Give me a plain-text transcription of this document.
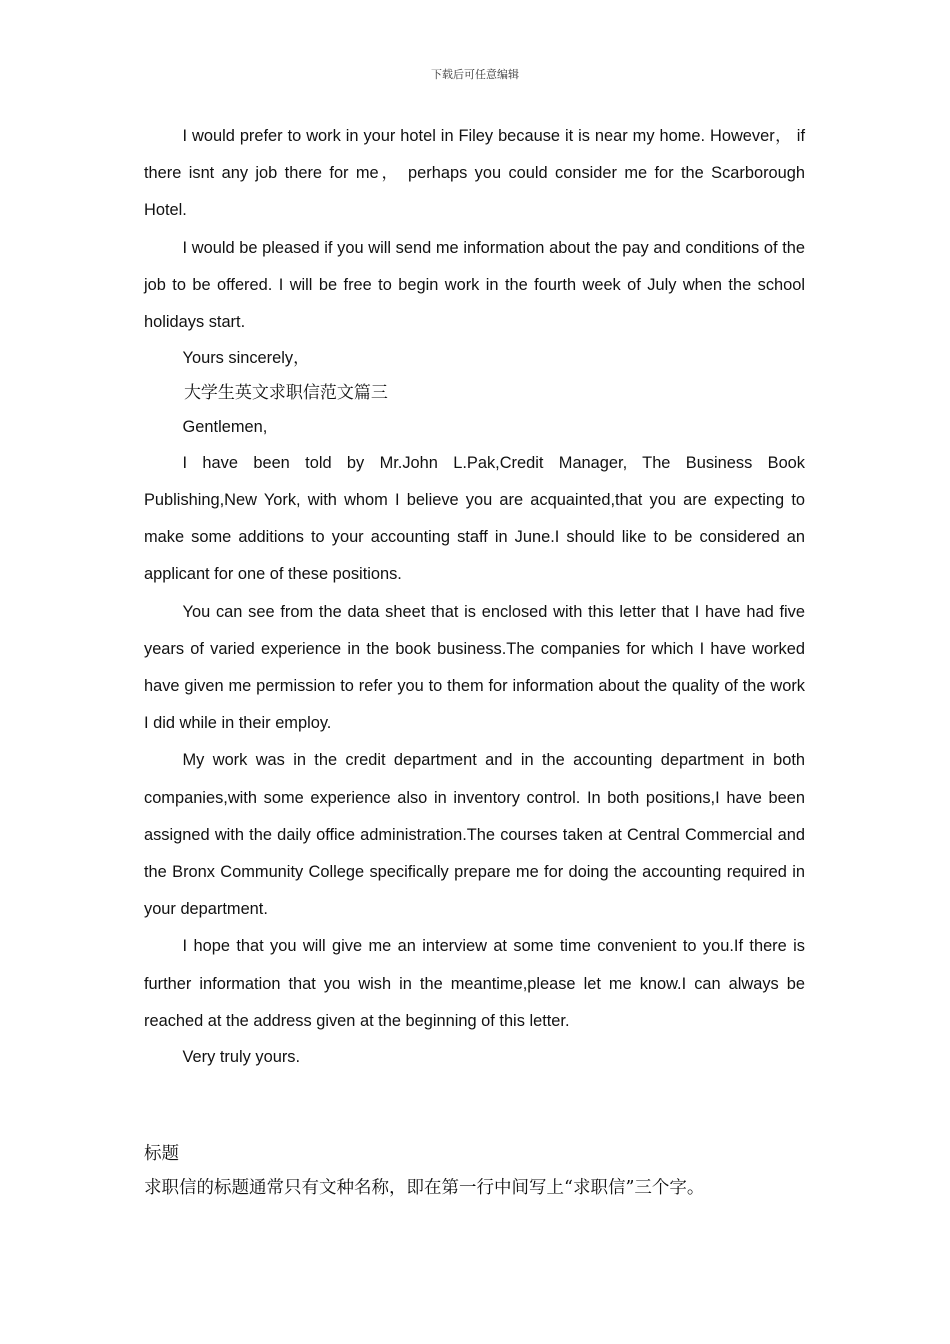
下载后可任意编辑

I would prefer to work in your hotel in Filey because it is near my home. However， if there isnt any job there for me， perhaps you could consider me for the Scarborough Hotel.

I would be pleased if you will send me information about the pay and conditions of the job to be offered. I will be free to begin work in the fourth week of July when the school holidays start.

Yours sincerely，

大学生英文求职信范文篇三

Gentlemen,

I have been told by Mr.John L.Pak,Credit Manager, The Business Book Publishing,New York, with whom I believe you are acquainted,that you are expecting to make some additions to your accounting staff in June.I should like to be considered an applicant for one of these positions.

You can see from the data sheet that is enclosed with this letter that I have had five years of varied experience in the book business.The companies for which I have worked have given me permission to refer you to them for information about the quality of the work I did while in their employ.

My work was in the credit department and in the accounting department in both companies,with some experience also in inventory control. In both positions,I have been assigned with the daily office administration.The courses taken at Central Commercial and the Bronx Community College specifically prepare me for doing the accounting required in your department.

I hope that you will give me an interview at some time convenient to you.If there is further information that you wish in the meantime,please let me know.I can always be reached at the address given at the beginning of this letter.

Very truly yours.

标题

求职信的标题通常只有文种名称，即在第一行中间写上“求职信”三个字。
